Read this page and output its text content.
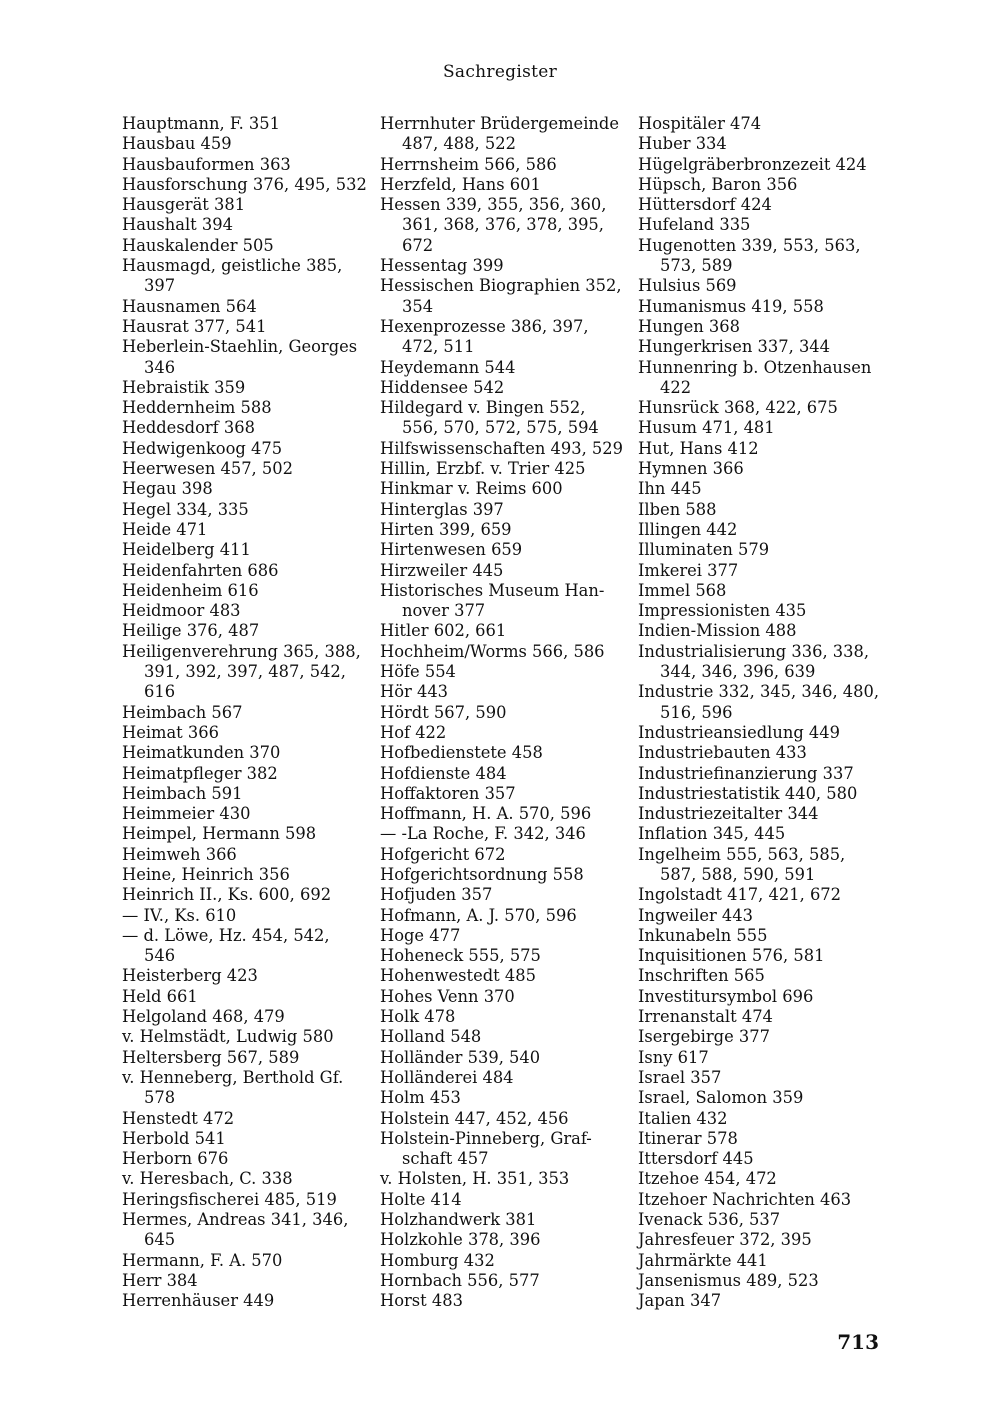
Sachregister
Hauptmann, F. 351
Hausbau 459
Hausbauformen 363
Hausforschung 376, 495, 532
Hausgerät 381
Haushalt 394
Hauskalender 505
Hausmagd, geistliche 385,
397
Hausnamen 564
Hausrat 377, 541
Heberlein-Staehlin, Georges
346
Hebraistik 359
Heddernheim 588
Heddesdorf 368
Hedwigenkoog 475
Heerwesen 457, 502
Hegau 398
Hegel 334, 335
Heide 471
Heidelberg 411
Heidenfahrten 686
Heidenheim 616
Heidmoor 483
Heilige 376, 487
Heiligenverehrung 365, 388,
391, 392, 397, 487, 542,
616
Heimbach 567
Heimat 366
Heimatkunden 370
Heimatpfleger 382
Heimbach 591
Heimmeier 430
Heimpel, Hermann 598
Heimweh 366
Heine, Heinrich 356
Heinrich II., Ks. 600, 692
— IV., Ks. 610
— d. Löwe, Hz. 454, 542,
546
Heisterberg 423
Held 661
Helgoland 468, 479
v. Helmstädt, Ludwig 580
Heltersberg 567, 589
v. Henneberg, Berthold Gf.
578
Henstedt 472
Herbold 541
Herborn 676
v. Heresbach, C. 338
Heringsfischerei 485, 519
Hermes, Andreas 341, 346,
645
Hermann, F. A. 570
Herr 384
Herrenhäuser 449
Herrnhuter Brüdergemeinde
487, 488, 522
Herrnsheim 566, 586
Herzfeld, Hans 601
Hessen 339, 355, 356, 360,
361, 368, 376, 378, 395,
672
Hessentag 399
Hessischen Biographien 352,
354
Hexenprozesse 386, 397,
472, 511
Heydemann 544
Hiddensee 542
Hildegard v. Bingen 552,
556, 570, 572, 575, 594
Hilfswissenschaften 493, 529
Hillin, Erzbf. v. Trier 425
Hinkmar v. Reims 600
Hinterglas 397
Hirten 399, 659
Hirtenwesen 659
Hirzweiler 445
Historisches Museum Han-
nover 377
Hitler 602, 661
Hochheim/Worms 566, 586
Höfe 554
Hör 443
Hördt 567, 590
Hof 422
Hofbedienstete 458
Hofdienste 484
Hoffaktoren 357
Hoffmann, H. A. 570, 596
— -La Roche, F. 342, 346
Hofgericht 672
Hofgerichtsordnung 558
Hofjuden 357
Hofmann, A. J. 570, 596
Hoge 477
Hoheneck 555, 575
Hohenwestedt 485
Hohes Venn 370
Holk 478
Holland 548
Holländer 539, 540
Holländerei 484
Holm 453
Holstein 447, 452, 456
Holstein-Pinneberg, Graf-
schaft 457
v. Holsten, H. 351, 353
Holte 414
Holzhandwerk 381
Holzkohle 378, 396
Homburg 432
Hornbach 556, 577
Horst 483
Hospitäler 474
Huber 334
Hügelgräberbronzezeit 424
Hüpsch, Baron 356
Hüttersdorf 424
Hufeland 335
Hugenotten 339, 553, 563,
573, 589
Hulsius 569
Humanismus 419, 558
Hungen 368
Hungerkrisen 337, 344
Hunnenring b. Otzenhausen
422
Hunsrück 368, 422, 675
Husum 471, 481
Hut, Hans 412
Hymnen 366
Ihn 445
Ilben 588
Illingen 442
Illuminaten 579
Imkerei 377
Immel 568
Impressionisten 435
Indien-Mission 488
Industrialisierung 336, 338,
344, 346, 396, 639
Industrie 332, 345, 346, 480,
516, 596
Industrieansiedlung 449
Industriebauten 433
Industriefinanzierung 337
Industriestatistik 440, 580
Industriezeitalter 344
Inflation 345, 445
Ingelheim 555, 563, 585,
587, 588, 590, 591
Ingolstadt 417, 421, 672
Ingweiler 443
Inkunabeln 555
Inquisitionen 576, 581
Inschriften 565
Investitursymbol 696
Irrenanstalt 474
Isergebirge 377
Isny 617
Israel 357
Israel, Salomon 359
Italien 432
Itinerar 578
Ittersdorf 445
Itzehoe 454, 472
Itzehoer Nachrichten 463
Ivenack 536, 537
Jahresfeuer 372, 395
Jahrmärkte 441
Jansenismus 489, 523
Japan 347
713
